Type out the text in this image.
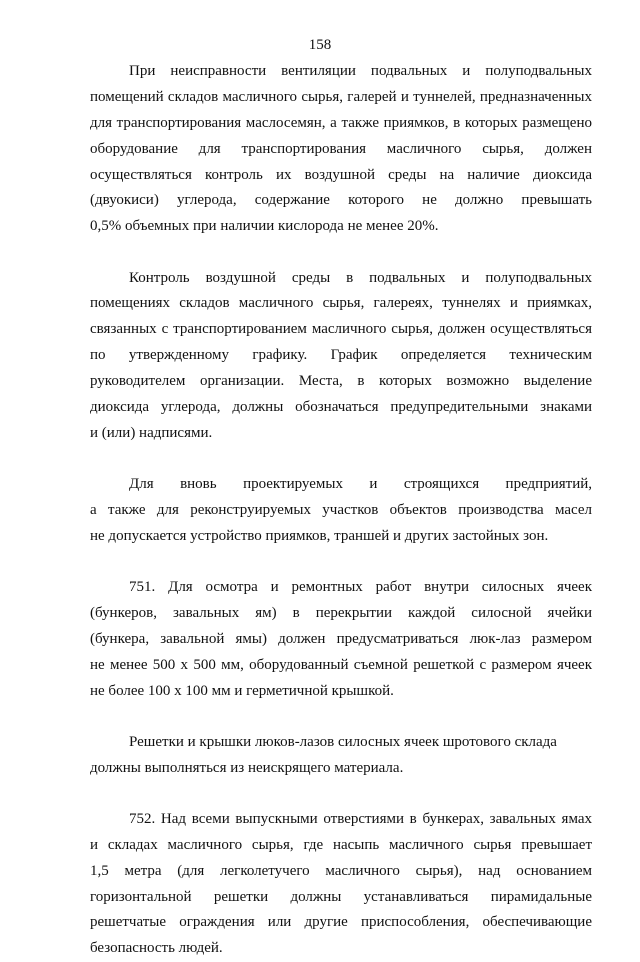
158
При неисправности вентиляции подвальных и полуподвальных
помещений складов масличного сырья, галерей и туннелей, предназначенных
для транспортирования маслосемян, а также приямков, в которых размещено
оборудование для транспортирования масличного сырья, должен
осуществляться контроль их воздушной среды на наличие диоксида
(двуокиси) углерода, содержание которого не должно превышать
0,5% объемных при наличии кислорода не менее 20%.
Контроль воздушной среды в подвальных и полуподвальных
помещениях складов масличного сырья, галереях, туннелях и приямках,
связанных с транспортированием масличного сырья, должен осуществляться
по утвержденному графику. График определяется техническим
руководителем организации. Места, в которых возможно выделение
диоксида углерода, должны обозначаться предупредительными знаками
и (или) надписями.
Для вновь проектируемых и строящихся предприятий,
а также для реконструируемых участков объектов производства масел
не допускается устройство приямков, траншей и других застойных зон.
751. Для осмотра и ремонтных работ внутри силосных ячеек
(бункеров, завальных ям) в перекрытии каждой силосной ячейки
(бункера, завальной ямы) должен предусматриваться люк-лаз размером
не менее 500 х 500 мм, оборудованный съемной решеткой с размером ячеек
не более 100 х 100 мм и герметичной крышкой.
Решетки и крышки люков-лазов силосных ячеек шротового склада
должны выполняться из неискрящего материала.
752. Над всеми выпускными отверстиями в бункерах, завальных ямах
и складах масличного сырья, где насыпь масличного сырья превышает
1,5 метра (для легколетучего масличного сырья), над основанием
горизонтальной решетки должны устанавливаться пирамидальные
решетчатые ограждения или другие приспособления, обеспечивающие
безопасность людей.
